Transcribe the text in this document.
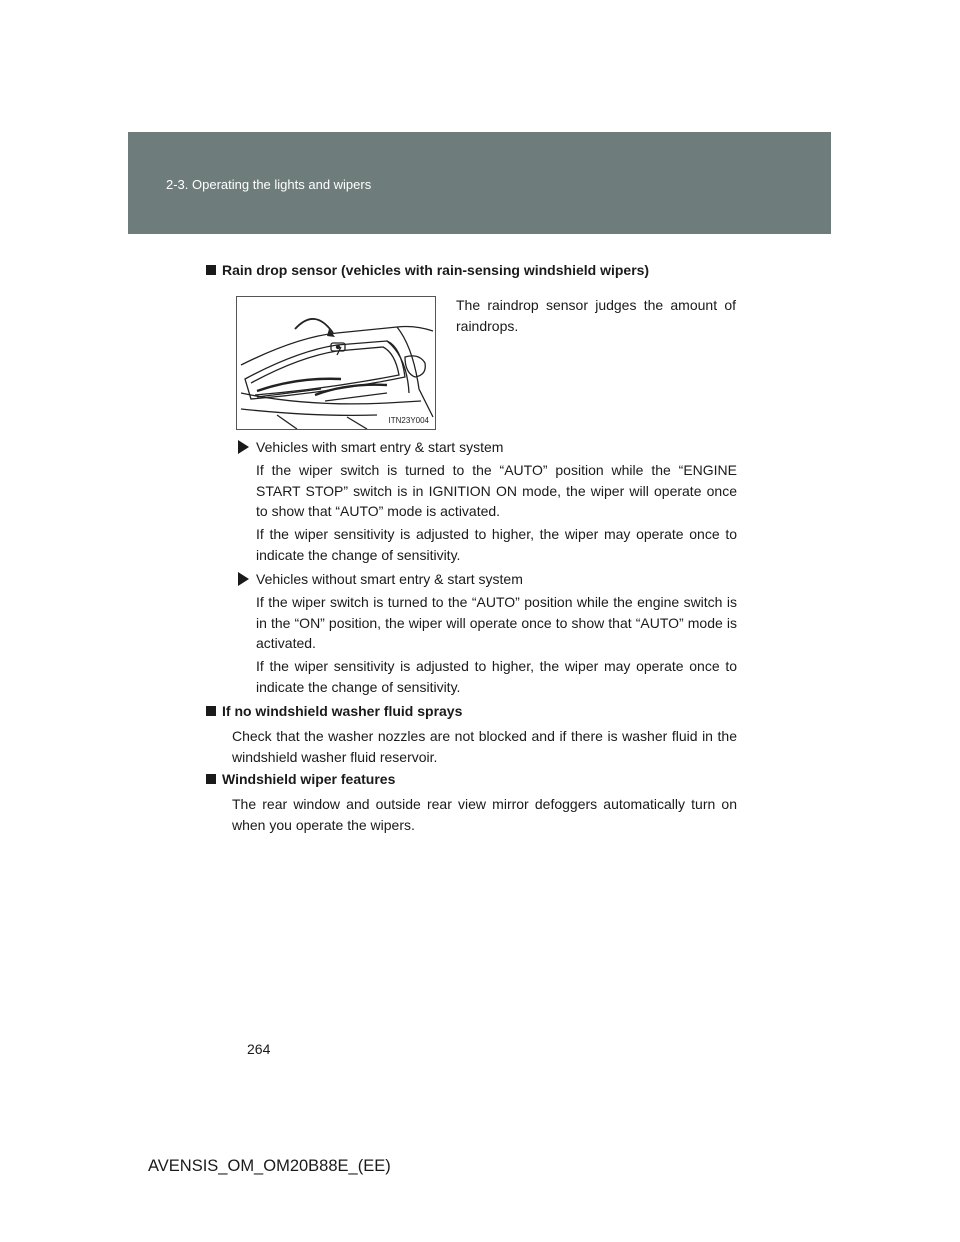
2-3. Operating the lights and wipers
Rain drop sensor (vehicles with rain-sensing windshield wipers)
ITN23Y004

The raindrop sensor judges the amount of raindrops.

Vehicles with smart entry & start system

If the wiper switch is turned to the “AUTO” position while the “ENGINE START STOP” switch is in IGNITION ON mode, the wiper will operate once to show that “AUTO” mode is activated.

If the wiper sensitivity is adjusted to higher, the wiper may operate once to indicate the change of sensitivity.

Vehicles without smart entry & start system

If the wiper switch is turned to the “AUTO” position while the engine switch is in the “ON” position, the wiper will operate once to show that “AUTO” mode is activated.

If the wiper sensitivity is adjusted to higher, the wiper may operate once to indicate the change of sensitivity.

If no windshield washer fluid sprays

Check that the washer nozzles are not blocked and if there is washer fluid in the windshield washer fluid reservoir.

Windshield wiper features

The rear window and outside rear view mirror defoggers automatically turn on when you operate the wipers.

264
AVENSIS_OM_OM20B88E_(EE)
